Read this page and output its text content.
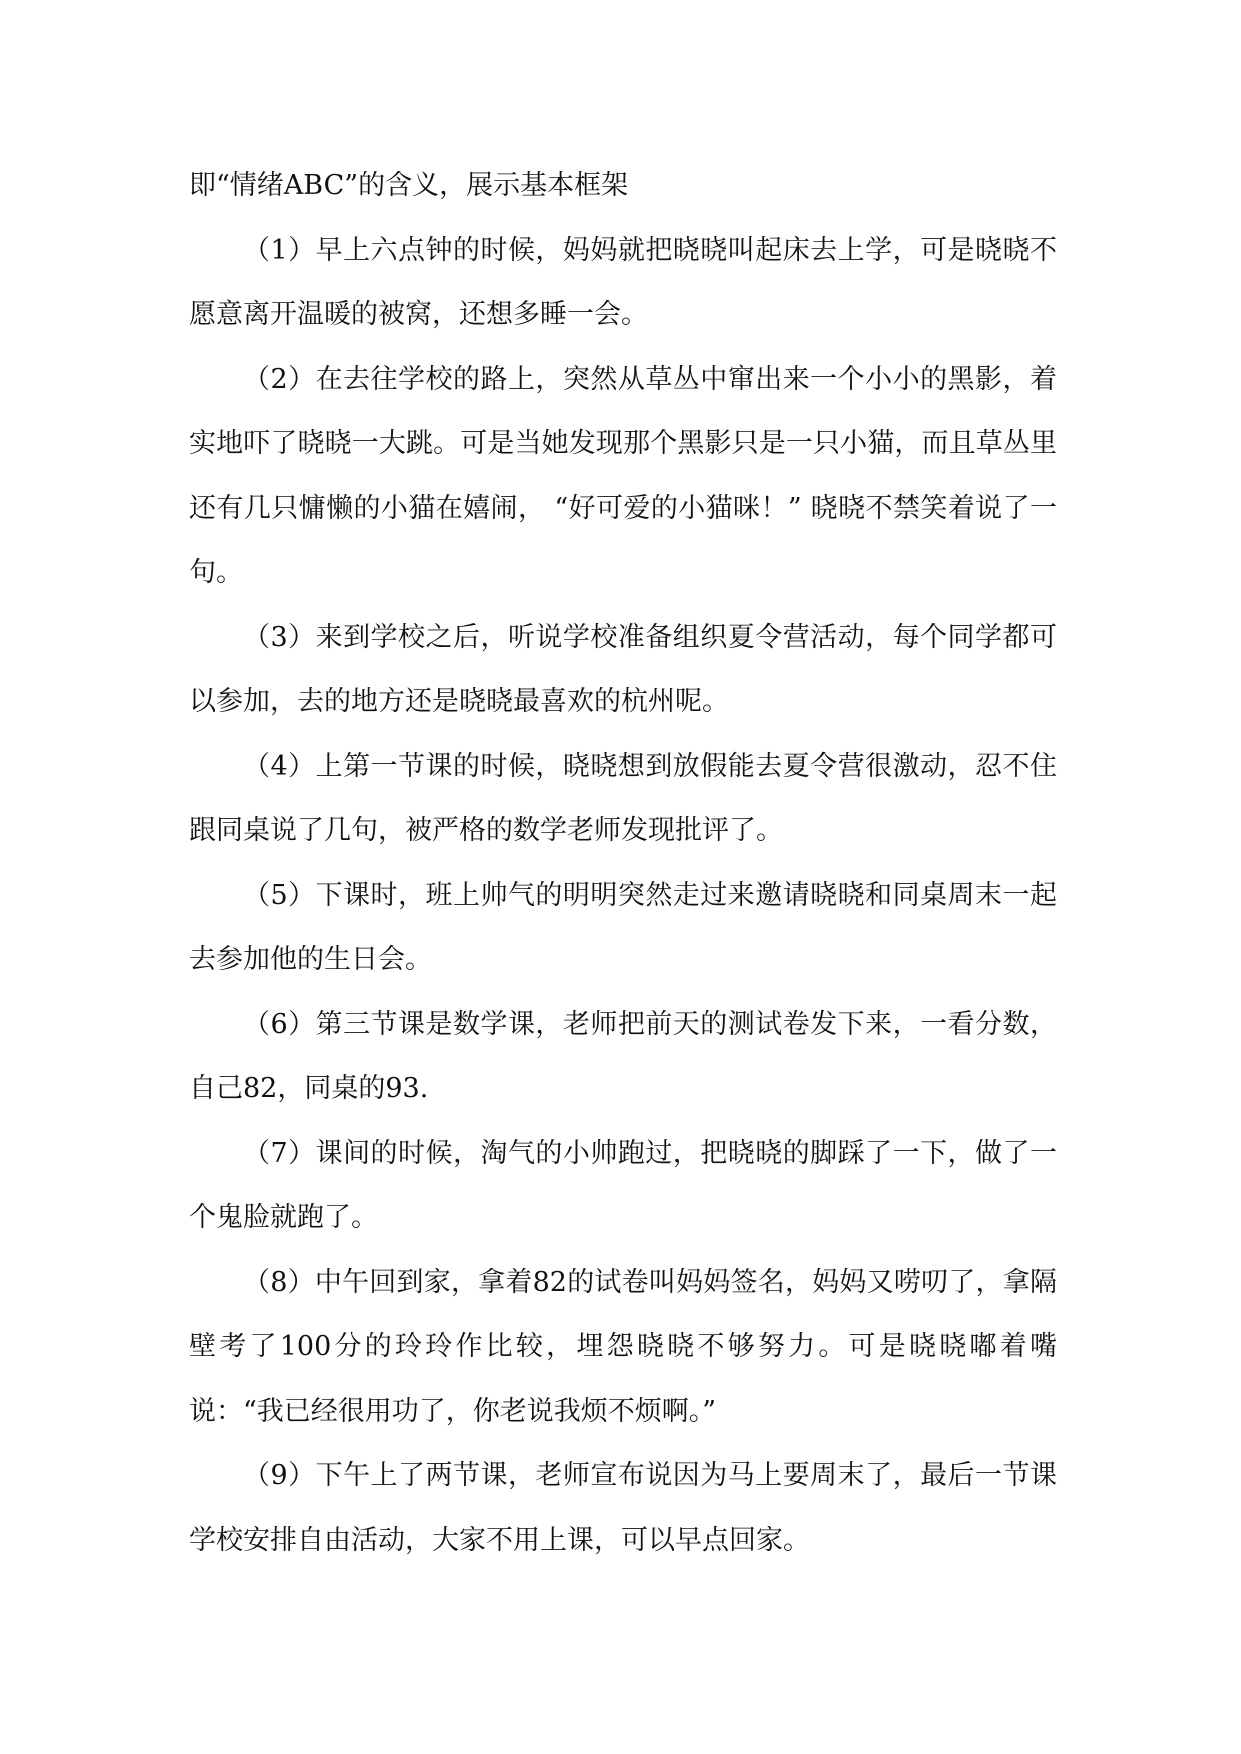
即“情绪ABC”的含义，展示基本框架

（1）早上六点钟的时候，妈妈就把晓晓叫起床去上学，可是晓晓不愿意离开温暖的被窝，还想多睡一会。

（2）在去往学校的路上，突然从草丛中窜出来一个小小的黑影，着实地吓了晓晓一大跳。可是当她发现那个黑影只是一只小猫，而且草丛里还有几只慵懒的小猫在嬉闹， “好可爱的小猫咪！” 晓晓不禁笑着说了一句。

（3）来到学校之后，听说学校准备组织夏令营活动，每个同学都可以参加，去的地方还是晓晓最喜欢的杭州呢。

（4）上第一节课的时候，晓晓想到放假能去夏令营很激动，忍不住跟同桌说了几句，被严格的数学老师发现批评了。

（5）下课时，班上帅气的明明突然走过来邀请晓晓和同桌周末一起去参加他的生日会。

（6）第三节课是数学课，老师把前天的测试卷发下来，一看分数，自己82，同桌的93.

（7）课间的时候，淘气的小帅跑过，把晓晓的脚踩了一下，做了一个鬼脸就跑了。

（8）中午回到家，拿着82的试卷叫妈妈签名，妈妈又唠叨了，拿隔壁考了100分的玲玲作比较，埋怨晓晓不够努力。可是晓晓嘟着嘴说：“我已经很用功了，你老说我烦不烦啊。”

（9）下午上了两节课，老师宣布说因为马上要周末了，最后一节课学校安排自由活动，大家不用上课，可以早点回家。
